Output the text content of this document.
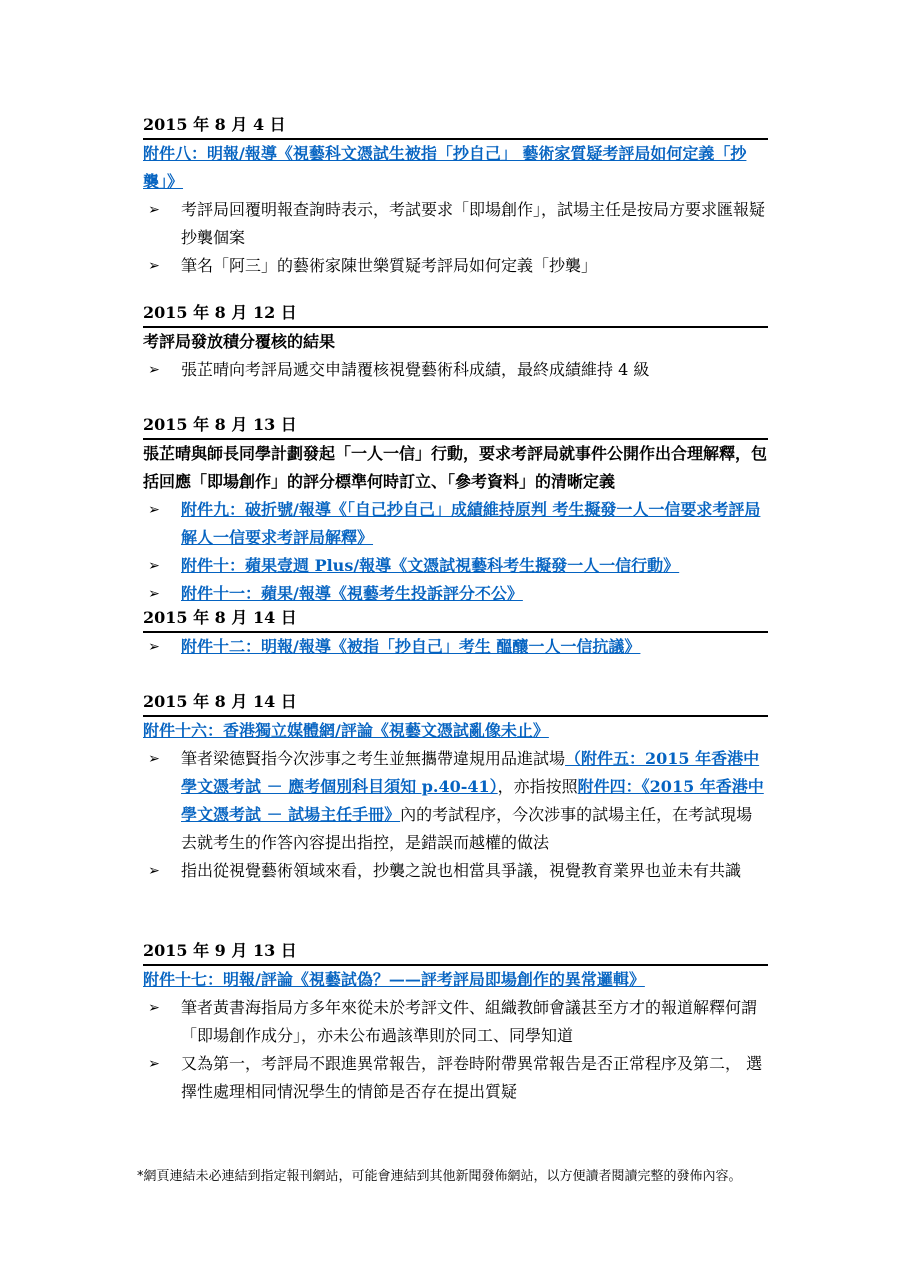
2015 年 8 月 4 日
附件八：明報/報導《視藝科文憑試生被指「抄自己」 藝術家質疑考評局如何定義「抄襲」》
➢ 考評局回覆明報查詢時表示，考試要求「即場創作」，試場主任是按局方要求匯報疑抄襲個案
➢ 筆名「阿三」的藝術家陳世樂質疑考評局如何定義「抄襲」
2015 年 8 月 12 日
考評局發放積分覆核的結果
➢ 張芷晴向考評局遞交申請覆核視覺藝術科成績，最終成績維持 4 級
2015 年 8 月 13 日
張芷晴與師長同學計劃發起「一人一信」行動，要求考評局就事件公開作出合理解釋，包括回應「即場創作」的評分標準何時訂立、「參考資料」的清晰定義
➢ 附件九：破折號/報導《「自己抄自己」成績維持原判 考生擬發一人一信要求考評局解人一信要求考評局解釋》
➢ 附件十：蘋果壹週 Plus/報導《文憑試視藝科考生擬發一人一信行動》
➢ 附件十一：蘋果/報導《視藝考生投訴評分不公》
2015 年 8 月 14 日
➢ 附件十二：明報/報導《被指「抄自己」考生 醞釀一人一信抗議》
2015 年 8 月 14 日
附件十六：香港獨立媒體網/評論《視藝文憑試亂像未止》
➢ 筆者梁德賢指今次涉事之考生並無攜帶違規用品進試場（附件五：2015 年香港中學文憑考試 － 應考個別科目須知 p.40-41），亦指按照附件四：《2015 年香港中學文憑考試 － 試場主任手冊》內的考試程序，今次涉事的試場主任，在考試現場去就考生的作答內容提出指控，是錯誤而越權的做法
➢ 指出從視覺藝術領域來看，抄襲之說也相當具爭議，視覺教育業界也並未有共識
2015 年 9 月 13 日
附件十七：明報/評論《視藝試偽？——評考評局即場創作的異常邏輯》
➢ 筆者黃書海指局方多年來從未於考評文件、組織教師會議甚至方才的報道解釋何謂「即場創作成分」，亦未公布過該準則於同工、同學知道
➢ 又為第一，考評局不跟進異常報告，評卷時附帶異常報告是否正常程序及第二， 選擇性處理相同情況學生的情節是否存在提出質疑
*網頁連結未必連結到指定報刊網站，可能會連結到其他新聞發佈網站，以方便讀者閱讀完整的發佈內容。
